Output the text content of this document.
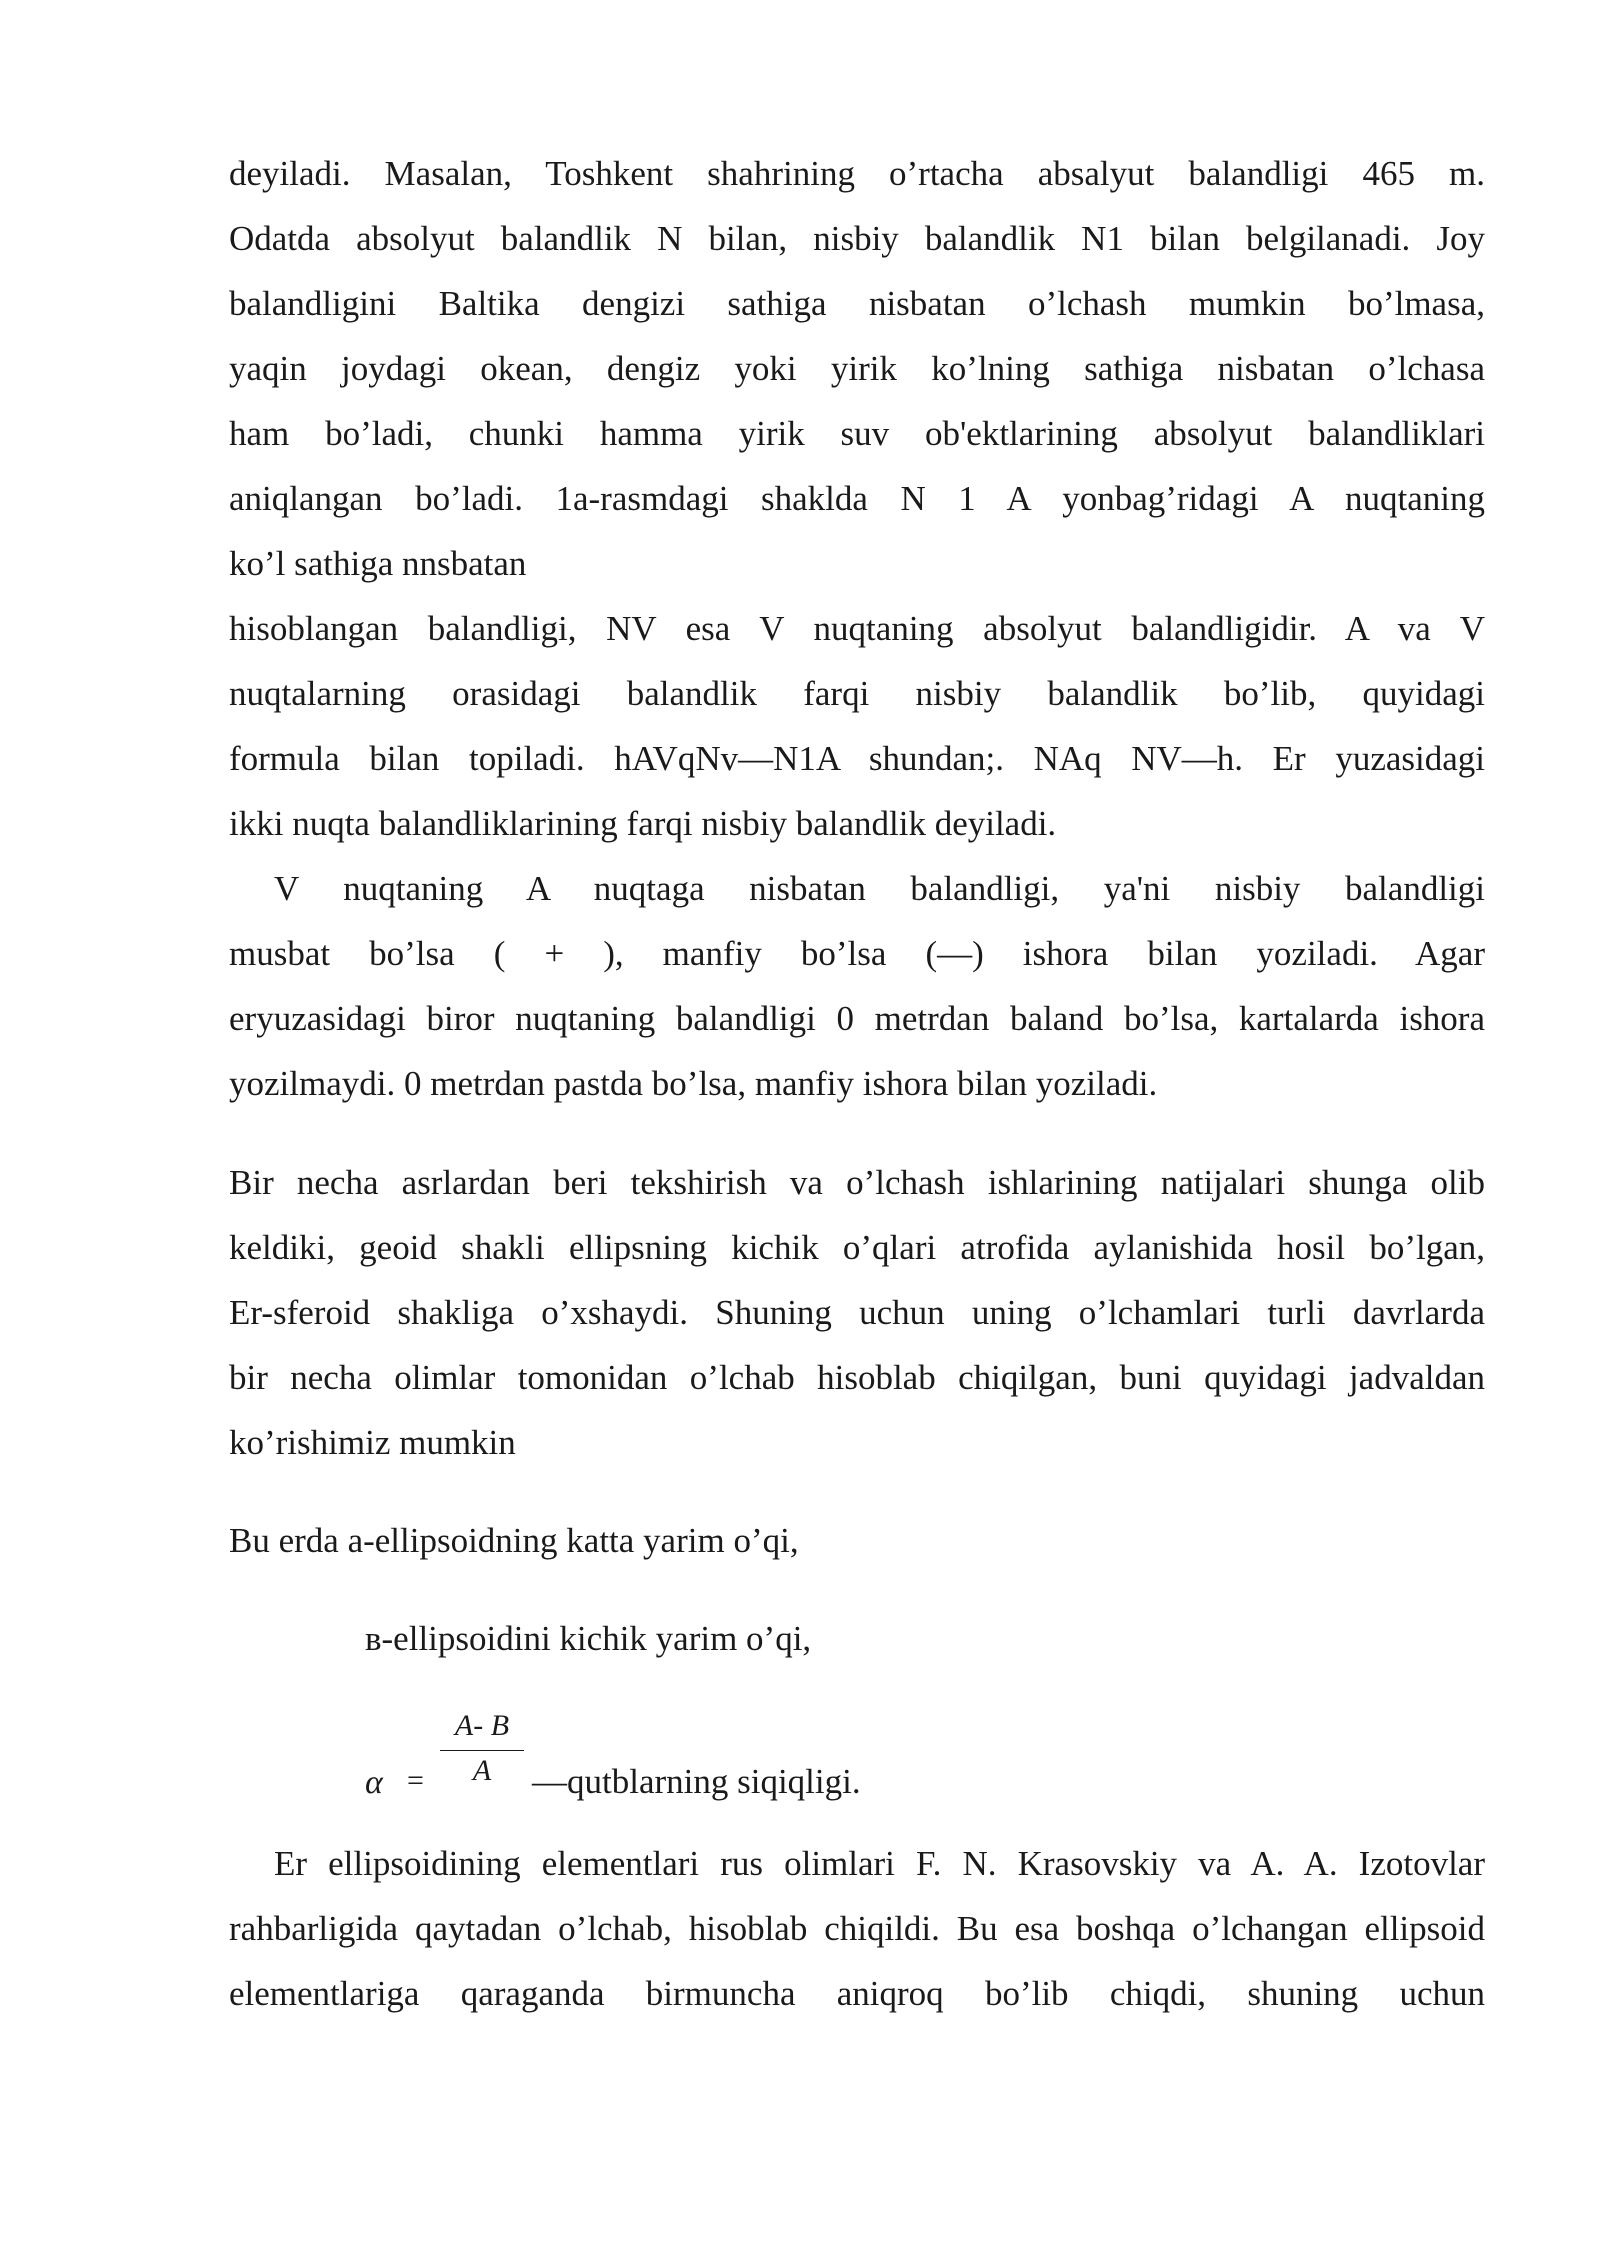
deyiladi. Masalan, Toshkent shahrining o’rtacha absalyut balandligi 465 m.
Odatda absolyut balandlik N bilan, nisbiy balandlik N1 bilan belgilanadi. Joy
balandligini Baltika dengizi sathiga nisbatan o’lchash mumkin bo’lmasa,
yaqin joydagi okean, dengiz yoki yirik ko’lning sathiga nisbatan o’lchasa
ham bo’ladi, chunki hamma yirik suv ob'ektlarining absolyut balandliklari
aniqlangan bo’ladi. 1a-rasmdagi shaklda N 1 A yonbag’ridagi A nuqtaning
ko’l sathiga nnsbatan
hisoblangan balandligi, NV esa V nuqtaning absolyut balandligidir. A va V
nuqtalarning orasidagi balandlik farqi nisbiy balandlik bo’lib, quyidagi
formula bilan topiladi. hAVqNv—N1A shundan;. NAq NV—h. Er yuzasidagi
ikki nuqta balandliklarining farqi nisbiy balandlik deyiladi.
V nuqtaning A nuqtaga nisbatan balandligi, ya'ni nisbiy balandligi
musbat bo’lsa ( + ), manfiy bo’lsa (—) ishora bilan yoziladi. Agar
eryuzasidagi biror nuqtaning balandligi 0 metrdan baland bo’lsa, kartalarda ishora
yozilmaydi. 0 metrdan pastda bo’lsa, manfiy ishora bilan yoziladi.
Bir necha asrlardan beri tekshirish va o’lchash ishlarining natijalari shunga olib
keldiki, geoid shakli ellipsning kichik o’qlari atrofida aylanishida hosil bo’lgan,
Er-sferoid shakliga o’xshaydi. Shuning uchun uning o’lchamlari turli davrlarda
bir necha olimlar tomonidan o’lchab hisoblab chiqilgan, buni quyidagi jadvaldan
ko’rishimiz mumkin
Bu erda a-ellipsoidning katta yarim o’qi,
в-ellipsoidini kichik yarim o’qi,
Er ellipsoidining elementlari rus olimlari F. N. Krasovskiy va A. A. Izotovlar
rahbarligida qaytadan o’lchab, hisoblab chiqildi. Bu esa boshqa o’lchangan ellipsoid
elementlariga qaraganda birmuncha aniqroq bo’lib chiqdi, shuning uchun
α =
A- B
A	—qutblarning siqiqligi.
